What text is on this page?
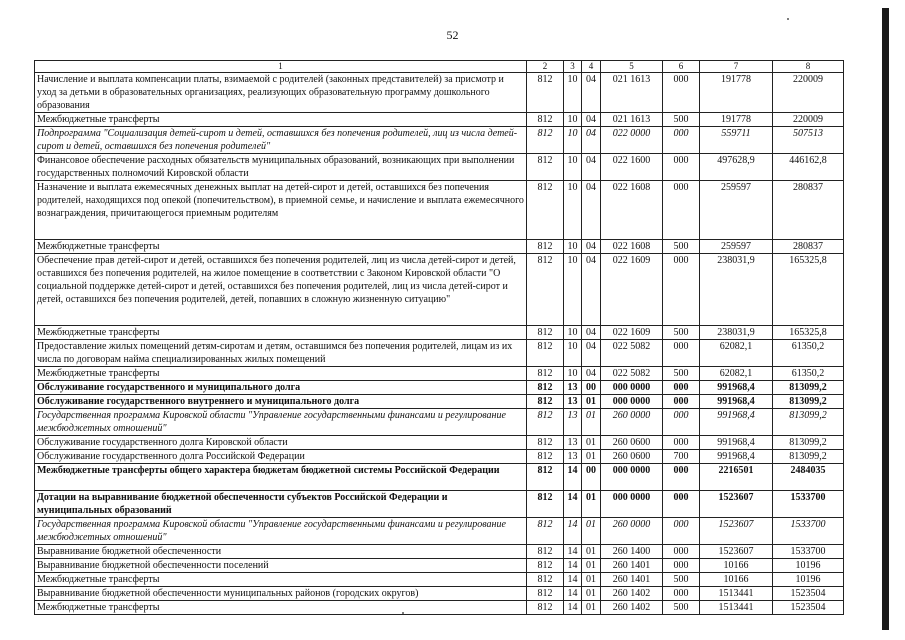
52
1	2	3	4	5	6	7	8
Начисление и выплата компенсации платы, взимаемой с родителей (законных представителей) за присмотр и уход за детьми в образовательных организациях, реализующих образовательную программу дошкольного образования	812	10	04	021 1613	000	191778	220009
Межбюджетные трансферты	812	10	04	021 1613	500	191778	220009
Подпрограмма "Социализация детей-сирот и детей, оставшихся без попечения родителей, лиц из числа детей-сирот и детей, оставшихся без попечения родителей"	812	10	04	022 0000	000	559711	507513
Финансовое обеспечение расходных обязательств муниципальных образований, возникающих при выполнении государственных полномочий Кировской области	812	10	04	022 1600	000	497628,9	446162,8
Назначение и выплата ежемесячных денежных выплат на детей-сирот и детей, оставшихся без попечения родителей, находящихся под опекой (попечительством), в приемной семье, и начисление и выплата ежемесячного вознаграждения, причитающегося приемным родителям	812	10	04	022 1608	000	259597	280837
Межбюджетные трансферты	812	10	04	022 1608	500	259597	280837
Обеспечение прав детей-сирот и детей, оставшихся без попечения родителей, лиц из числа детей-сирот и детей, оставшихся без попечения родителей, на жилое помещение в соответствии с Законом Кировской области "О социальной поддержке детей-сирот и детей, оставшихся без попечения родителей, лиц из числа детей-сирот и детей, оставшихся без попечения родителей, детей, попавших в сложную жизненную ситуацию"	812	10	04	022 1609	000	238031,9	165325,8
Межбюджетные трансферты	812	10	04	022 1609	500	238031,9	165325,8
Предоставление жилых помещений детям-сиротам и детям, оставшимся без попечения родителей, лицам из их числа по договорам найма специализированных жилых помещений	812	10	04	022 5082	000	62082,1	61350,2
Межбюджетные трансферты	812	10	04	022 5082	500	62082,1	61350,2
Обслуживание государственного и муниципального долга	812	13	00	000 0000	000	991968,4	813099,2
Обслуживание государственного внутреннего и муниципального долга	812	13	01	000 0000	000	991968,4	813099,2
Государственная программа Кировской области "Управление государственными финансами и регулирование межбюджетных отношений"	812	13	01	260 0000	000	991968,4	813099,2
Обслуживание государственного долга Кировской области	812	13	01	260 0600	000	991968,4	813099,2
Обслуживание государственного долга Российской Федерации	812	13	01	260 0600	700	991968,4	813099,2
Межбюджетные трансферты общего характера бюджетам бюджетной системы Российской Федерации	812	14	00	000 0000	000	2216501	2484035
Дотации на выравнивание бюджетной обеспеченности субъектов Российской Федерации и муниципальных образований	812	14	01	000 0000	000	1523607	1533700
Государственная программа Кировской области "Управление государственными финансами и регулирование межбюджетных отношений"	812	14	01	260 0000	000	1523607	1533700
Выравнивание бюджетной обеспеченности	812	14	01	260 1400	000	1523607	1533700
Выравнивание бюджетной обеспеченности поселений	812	14	01	260 1401	000	10166	10196
Межбюджетные трансферты	812	14	01	260 1401	500	10166	10196
Выравнивание бюджетной обеспеченности муниципальных районов (городских округов)	812	14	01	260 1402	000	1513441	1523504
Межбюджетные трансферты	812	14	01	260 1402	500	1513441	1523504
